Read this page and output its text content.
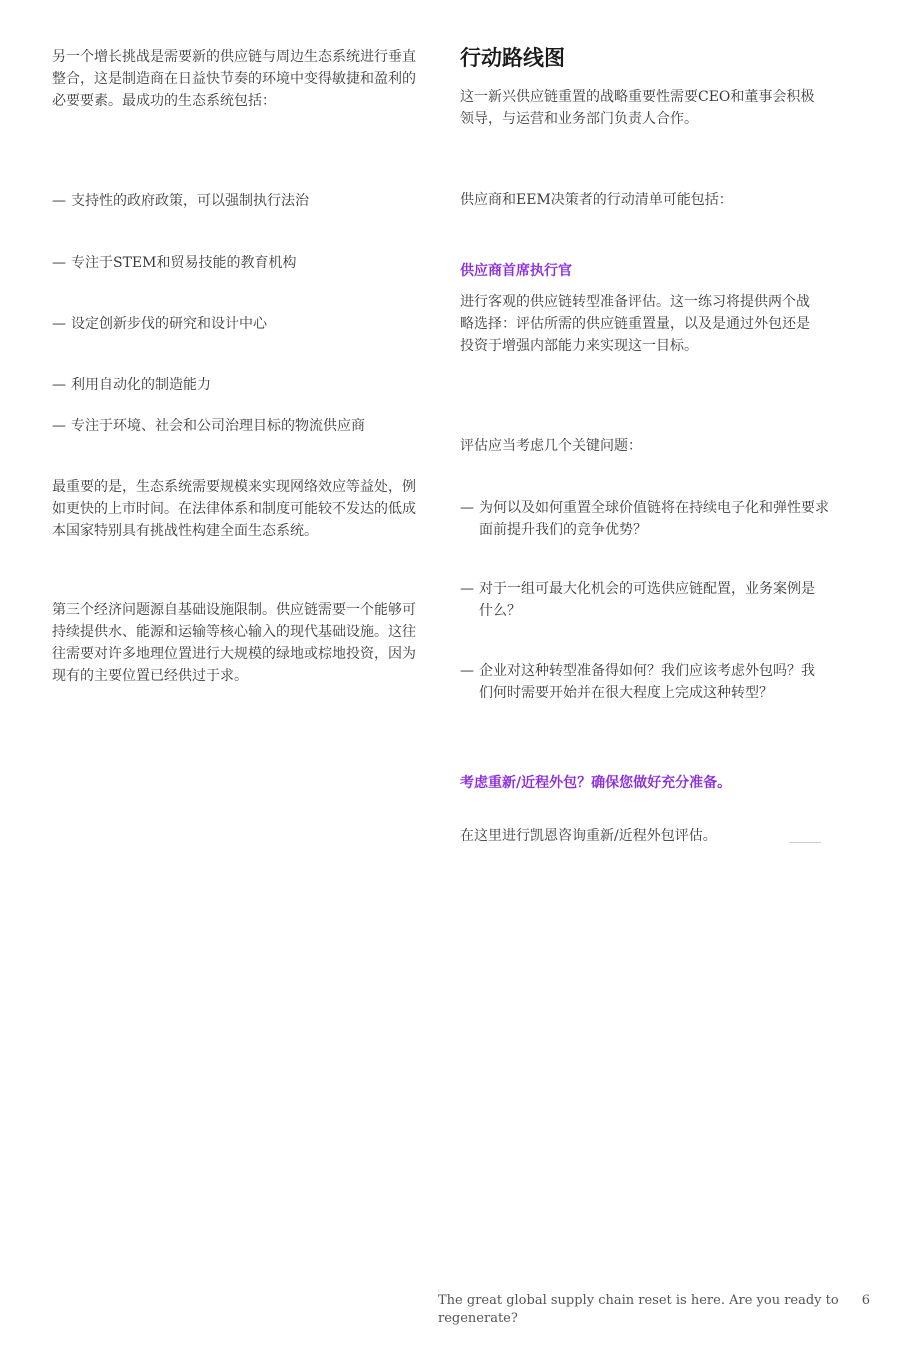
另一个增长挑战是需要新的供应链与周边生态系统进行垂直整合，这是制造商在日益快节奏的环境中变得敏捷和盈利的必要要素。最成功的生态系统包括：

— 支持性的政府政策，可以强制执行法治
— 专注于STEM和贸易技能的教育机构
— 设定创新步伐的研究和设计中心
— 利用自动化的制造能力
— 专注于环境、社会和公司治理目标的物流供应商

最重要的是，生态系统需要规模来实现网络效应等益处，例如更快的上市时间。在法律体系和制度可能较不发达的低成本国家特别具有挑战性构建全面生态系统。

第三个经济问题源自基础设施限制。供应链需要一个能够可持续提供水、能源和运输等核心输入的现代基础设施。这往往需要对许多地理位置进行大规模的绿地或棕地投资，因为现有的主要位置已经供过于求。

行动路线图

这一新兴供应链重置的战略重要性需要CEO和董事会积极领导，与运营和业务部门负责人合作。

供应商和EEM决策者的行动清单可能包括：

供应商首席执行官

进行客观的供应链转型准备评估。这一练习将提供两个战略选择：评估所需的供应链重置量，以及是通过外包还是投资于增强内部能力来实现这一目标。

评估应当考虑几个关键问题：

— 为何以及如何重置全球价值链将在持续电子化和弹性要求面前提升我们的竞争优势？
— 对于一组可最大化机会的可选供应链配置，业务案例是什么？
— 企业对这种转型准备得如何？我们应该考虑外包吗？我们何时需要开始并在很大程度上完成这种转型？

考虑重新/近程外包？确保您做好充分准备。

在这里进行凯恩咨询重新/近程外包评估。

The great global supply chain reset is here. Are you ready to regenerate?
6
